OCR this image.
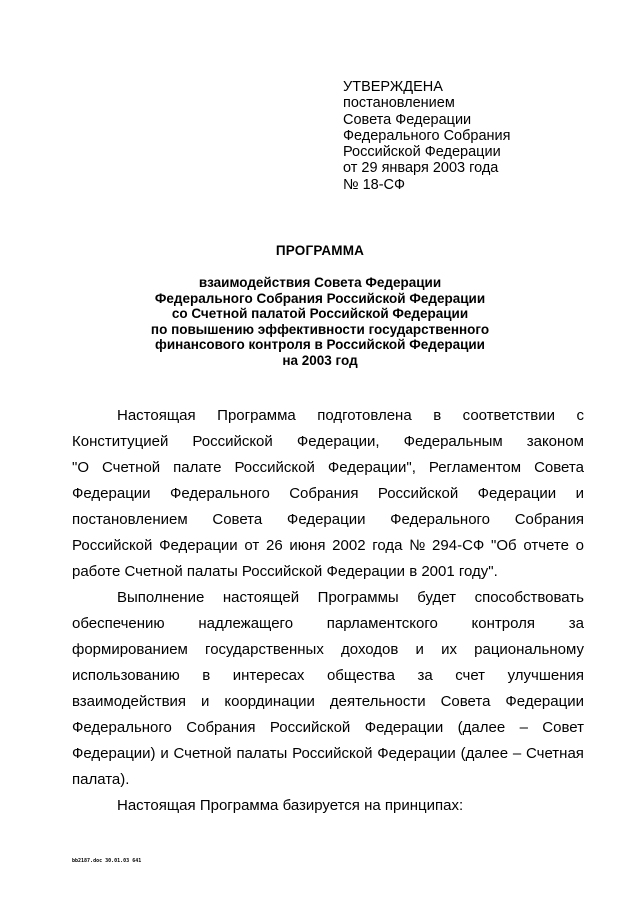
УТВЕРЖДЕНА
постановлением
Совета Федерации
Федерального Собрания
Российской Федерации
от 29 января 2003 года
№ 18-СФ
ПРОГРАММА
взаимодействия Совета Федерации
Федерального Собрания Российской Федерации
со Счетной палатой Российской Федерации
по повышению эффективности государственного
финансового контроля в Российской Федерации
на 2003 год
Настоящая Программа подготовлена в соответствии с
Конституцией Российской Федерации, Федеральным законом
"О Счетной палате Российской Федерации", Регламентом Совета
Федерации Федерального Собрания Российской Федерации и
постановлением Совета Федерации Федерального Собрания
Российской Федерации от 26 июня 2002 года № 294-СФ "Об отчете о
работе Счетной палаты Российской Федерации в 2001 году".
Выполнение настоящей Программы будет способствовать
обеспечению надлежащего парламентского контроля за
формированием государственных доходов и их рациональному
использованию в интересах общества за счет улучшения
взаимодействия и координации деятельности Совета Федерации
Федерального Собрания Российской Федерации (далее – Совет
Федерации) и Счетной палаты Российской Федерации (далее – Счетная
палата).
Настоящая Программа базируется на принципах:
bb2187.doc 30.01.03 641
